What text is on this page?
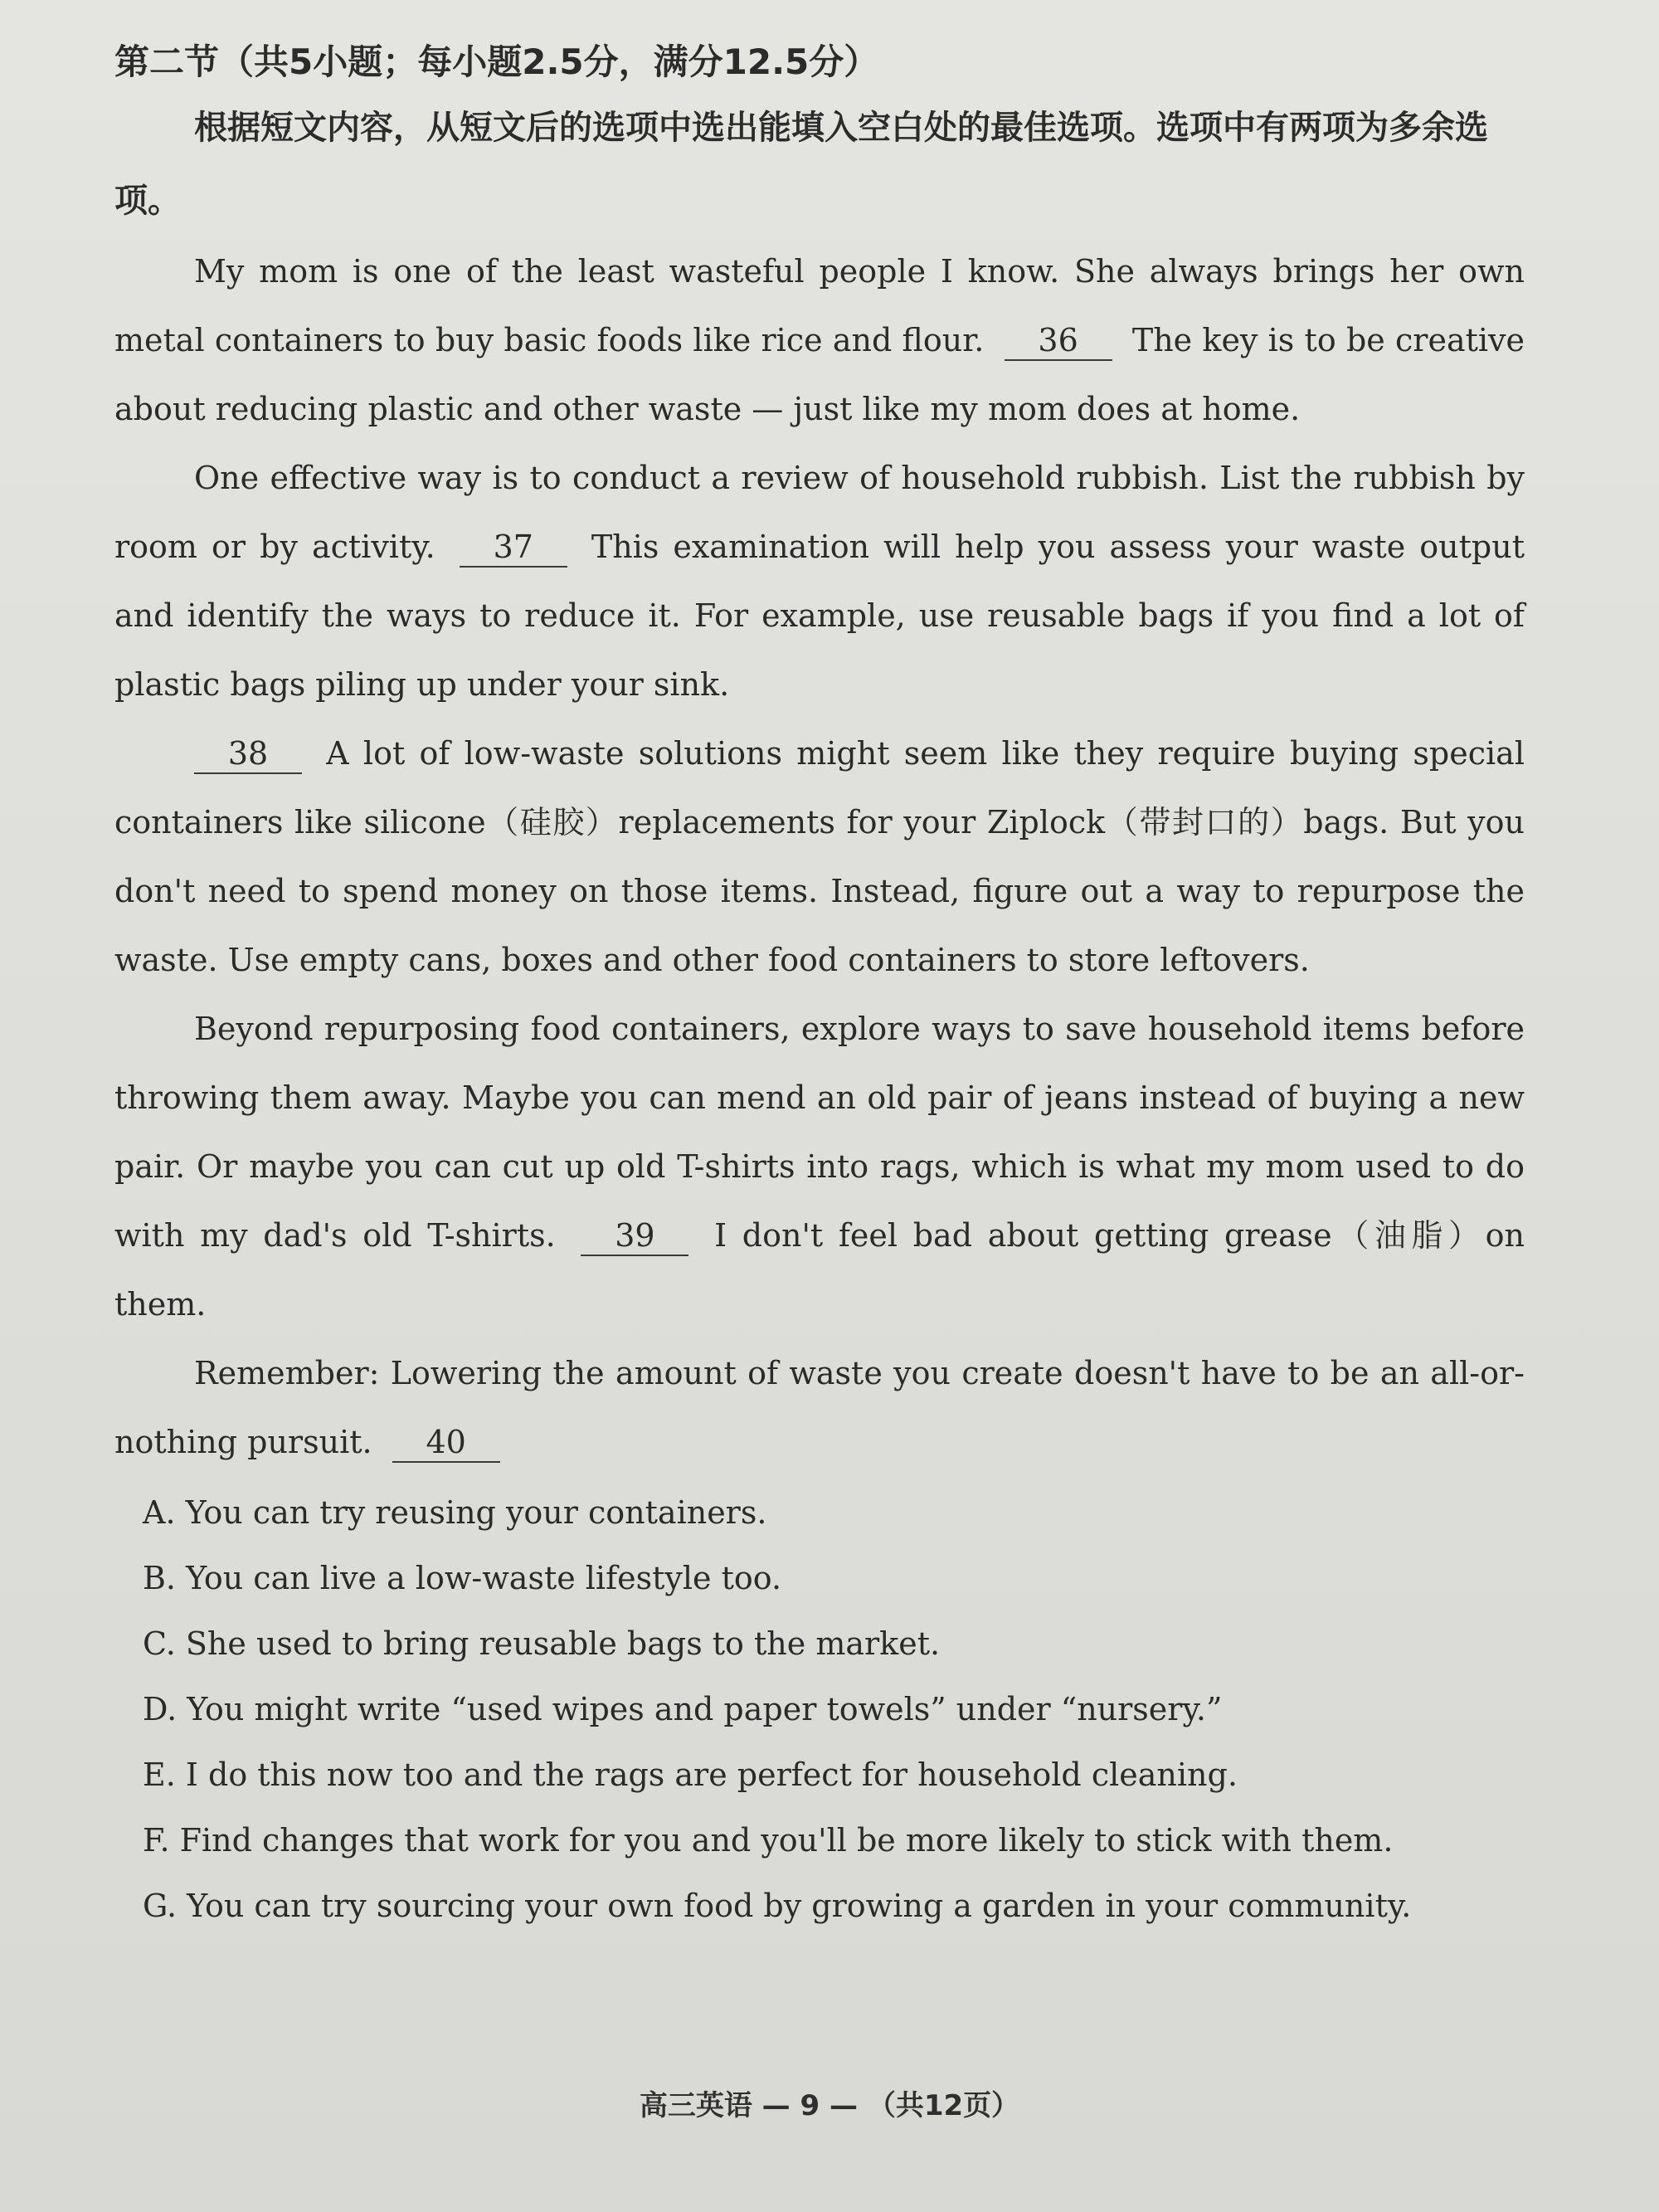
第二节（共5小题；每小题2.5分，满分12.5分）

根据短文内容，从短文后的选项中选出能填入空白处的最佳选项。选项中有两项为多余选项。

My mom is one of the least wasteful people I know. She always brings her own metal containers to buy basic foods like rice and flour. 36 The key is to be creative about reducing plastic and other waste — just like my mom does at home.

One effective way is to conduct a review of household rubbish. List the rubbish by room or by activity. 37 This examination will help you assess your waste output and identify the ways to reduce it. For example, use reusable bags if you find a lot of plastic bags piling up under your sink.

38 A lot of low-waste solutions might seem like they require buying special containers like silicone（硅胶）replacements for your Ziplock（带封口的）bags. But you don't need to spend money on those items. Instead, figure out a way to repurpose the waste. Use empty cans, boxes and other food containers to store leftovers.

Beyond repurposing food containers, explore ways to save household items before throwing them away. Maybe you can mend an old pair of jeans instead of buying a new pair. Or maybe you can cut up old T-shirts into rags, which is what my mom used to do with my dad's old T-shirts. 39 I don't feel bad about getting grease（油脂）on them.

Remember: Lowering the amount of waste you create doesn't have to be an all-or-nothing pursuit. 40

A. You can try reusing your containers.

B. You can live a low-waste lifestyle too.

C. She used to bring reusable bags to the market.

D. You might write “used wipes and paper towels” under “nursery.”

E. I do this now too and the rags are perfect for household cleaning.

F. Find changes that work for you and you'll be more likely to stick with them.

G. You can try sourcing your own food by growing a garden in your community.

高三英语 — 9 — （共12页）
